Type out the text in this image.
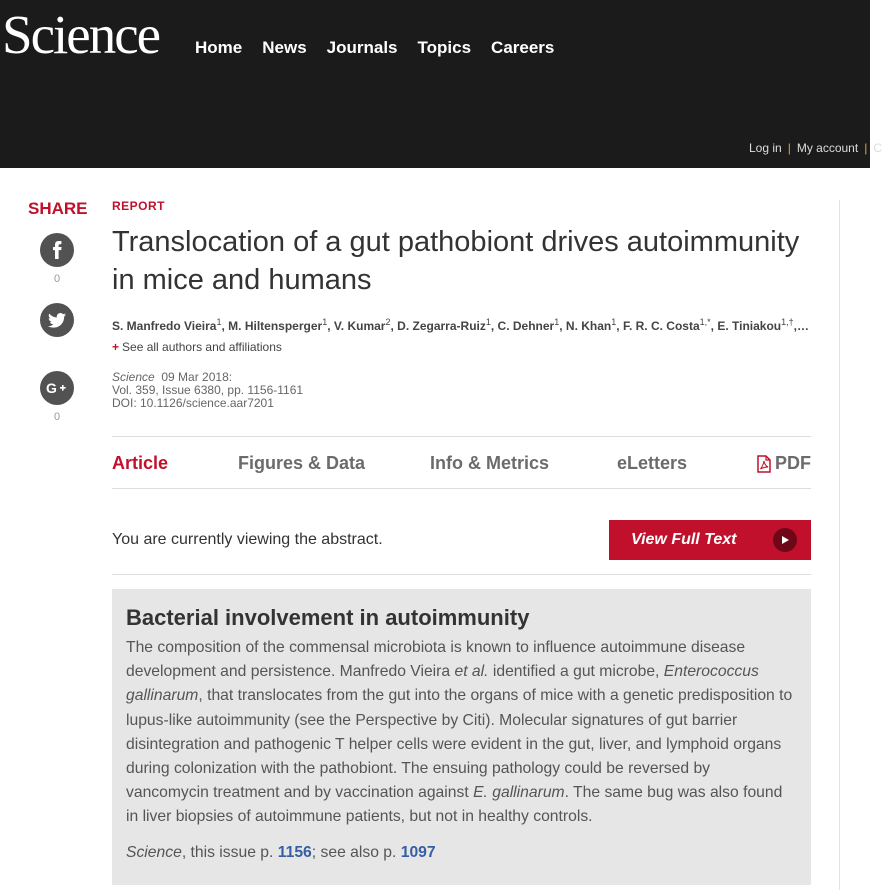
Science Home News Journals Topics Careers
Log in | My account | C
SHARE
0
G
0
REPORT
Translocation of a gut pathobiont drives autoimmunity in mice and humans
S. Manfredo Vieira$^1$, M. Hiltensperger$^1$, V. Kumar$^2$, D. Zegarra-Ruiz$^1$, C. Dehner$^1$, N. Khan$^1$, F. R. C. Costa$^{1,*}$, E. Tiniakou$^{1,\dagger}$,…
+ See all authors and affiliations
Science 09 Mar 2018:
Vol. 359, Issue 6380, pp. 1156-1161
DOI: 10.1126/science.aar7201
Article	Figures & Data	Info & Metrics	eLetters	PDF
You are currently viewing the abstract.	View Full Text
Bacterial involvement in autoimmunity

The composition of the commensal microbiota is known to influence autoimmune disease development and persistence. Manfredo Vieira et al. identified a gut microbe, Enterococcus gallinarum, that translocates from the gut into the organs of mice with a genetic predisposition to lupus-like autoimmunity (see the Perspective by Citi). Molecular signatures of gut barrier disintegration and pathogenic T helper cells were evident in the gut, liver, and lymphoid organs during colonization with the pathobiont. The ensuing pathology could be reversed by vancomycin treatment and by vaccination against E. gallinarum. The same bug was also found in liver biopsies of autoimmune patients, but not in healthy controls.

Science, this issue p. 1156; see also p. 1097
